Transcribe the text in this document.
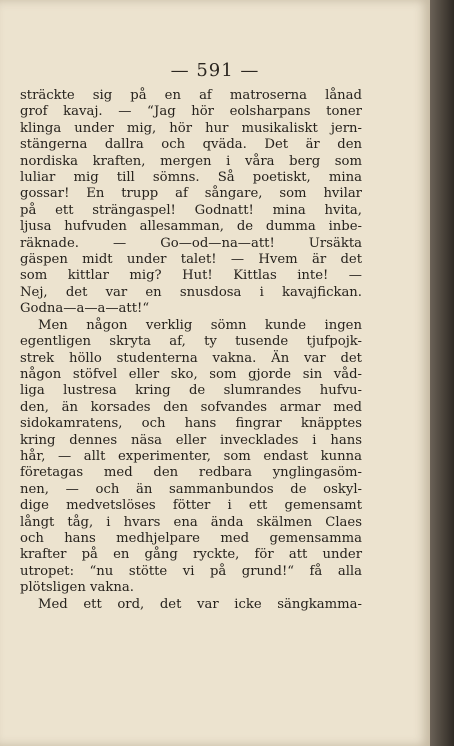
— 591 —
sträckte sig på en af matroserna lånad
grof kavaj. — “Jag hör eolsharpans toner
klinga under mig, hör hur musikaliskt jern-
stängerna dallra och qväda. Det är den
nordiska kraften, mergen i våra berg som
luliar mig till sömns. Så poetiskt, mina
gossar! En trupp af sångare, som hvilar
på ett strängaspel! Godnatt! mina hvita,
ljusa hufvuden allesamman, de dumma inbe-
räknade. — Go—od—na—att! Ursäkta
gäspen midt under talet! — Hvem är det
som kittlar mig? Hut! Kittlas inte! —
Nej, det var en snusdosa i kavajfickan.
Godna—a—a—att!“
Men någon verklig sömn kunde ingen
egentligen skryta af, ty tusende tjufpojk-
strek höllo studenterna vakna. Än var det
någon stöfvel eller sko, som gjorde sin våd-
liga lustresa kring de slumrandes hufvu-
den, än korsades den sofvandes armar med
sidokamratens, och hans fingrar knäpptes
kring dennes näsa eller invecklades i hans
hår, — allt experimenter, som endast kunna
företagas med den redbara ynglingasöm-
nen, — och än sammanbundos de oskyl-
dige medvetslöses fötter i ett gemensamt
långt tåg, i hvars ena ända skälmen Claes
och hans medhjelpare med gemensamma
krafter på en gång ryckte, för att under
utropet: “nu stötte vi på grund!“ få alla
plötsligen vakna.
Med ett ord, det var icke sängkamma-
